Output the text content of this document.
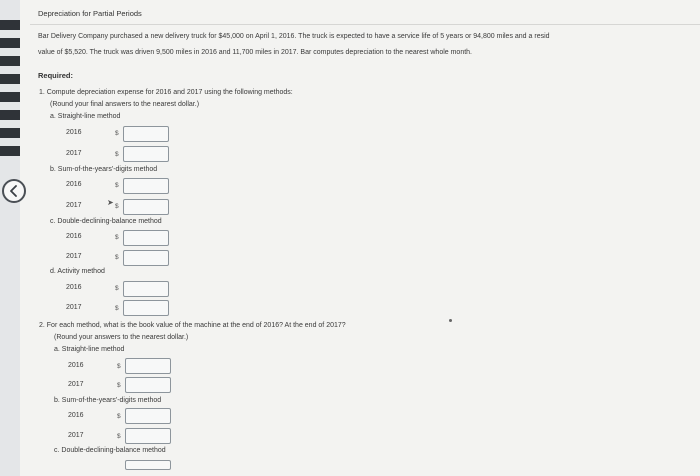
Depreciation for Partial Periods
Bar Delivery Company purchased a new delivery truck for $45,000 on April 1, 2016. The truck is expected to have a service life of 5 years or 94,800 miles and a resid
value of $5,520. The truck was driven 9,500 miles in 2016 and 11,700 miles in 2017. Bar computes depreciation to the nearest whole month.
Required:
1. Compute depreciation expense for 2016 and 2017 using the following methods:
(Round your final answers to the nearest dollar.)
a. Straight-line method
2016	$
2017	$
b. Sum-of-the-years'-digits method
2016	$
2017	➤ $
c. Double-declining-balance method
2016	$
2017	$
d. Activity method
2016	$
2017	$
2. For each method, what is the book value of the machine at the end of 2016? At the end of 2017?
(Round your answers to the nearest dollar.)
a. Straight-line method
2016	$
2017	$
b. Sum-of-the-years'-digits method
2016	$
2017	$
c. Double-declining-balance method
